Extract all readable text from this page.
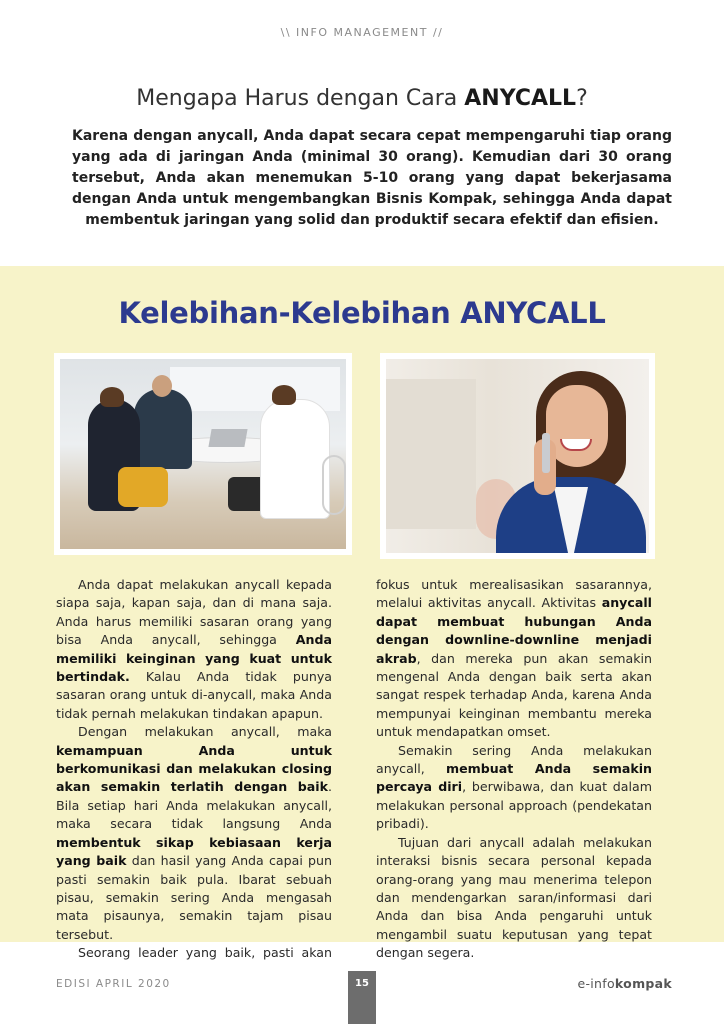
\\ INFO MANAGEMENT //
Mengapa Harus dengan Cara ANYCALL?

Karena dengan anycall, Anda dapat secara cepat mempengaruhi tiap orang yang ada di jaringan Anda (minimal 30 orang). Kemudian dari 30 orang tersebut, Anda akan menemukan 5-10 orang yang dapat bekerjasama dengan Anda untuk mengembangkan Bisnis Kompak, sehingga Anda dapat membentuk jaringan yang solid dan produktif secara efektif dan efisien.

Kelebihan-Kelebihan ANYCALL

Anda dapat melakukan anycall kepada siapa saja, kapan saja, dan di mana saja. Anda harus memiliki sasaran orang yang bisa Anda anycall, sehingga Anda memiliki keinginan yang kuat untuk bertindak. Kalau Anda tidak punya sasaran orang untuk di-anycall, maka Anda tidak pernah melakukan tindakan apapun.

Dengan melakukan anycall, maka kemampuan Anda untuk berkomunikasi dan melakukan closing akan semakin terlatih dengan baik. Bila setiap hari Anda melakukan anycall, maka secara tidak langsung Anda membentuk sikap kebiasaan kerja yang baik dan hasil yang Anda capai pun pasti semakin baik pula. Ibarat sebuah pisau, semakin sering Anda mengasah mata pisaunya, semakin tajam pisau tersebut.

Seorang leader yang baik, pasti akan

fokus untuk merealisasikan sasarannya, melalui aktivitas anycall. Aktivitas anycall dapat membuat hubungan Anda dengan downline-downline menjadi akrab, dan mereka pun akan semakin mengenal Anda dengan baik serta akan sangat respek terhadap Anda, karena Anda mempunyai keinginan membantu mereka untuk mendapatkan omset.

Semakin sering Anda melakukan anycall, membuat Anda semakin percaya diri, berwibawa, dan kuat dalam melakukan personal approach (pendekatan pribadi).

Tujuan dari anycall adalah melakukan interaksi bisnis secara personal kepada orang-orang yang mau menerima telepon dan mendengarkan saran/informasi dari Anda dan bisa Anda pengaruhi untuk mengambil suatu keputusan yang tepat dengan segera.

EDISI APRIL 2020	15	e-infokompak
